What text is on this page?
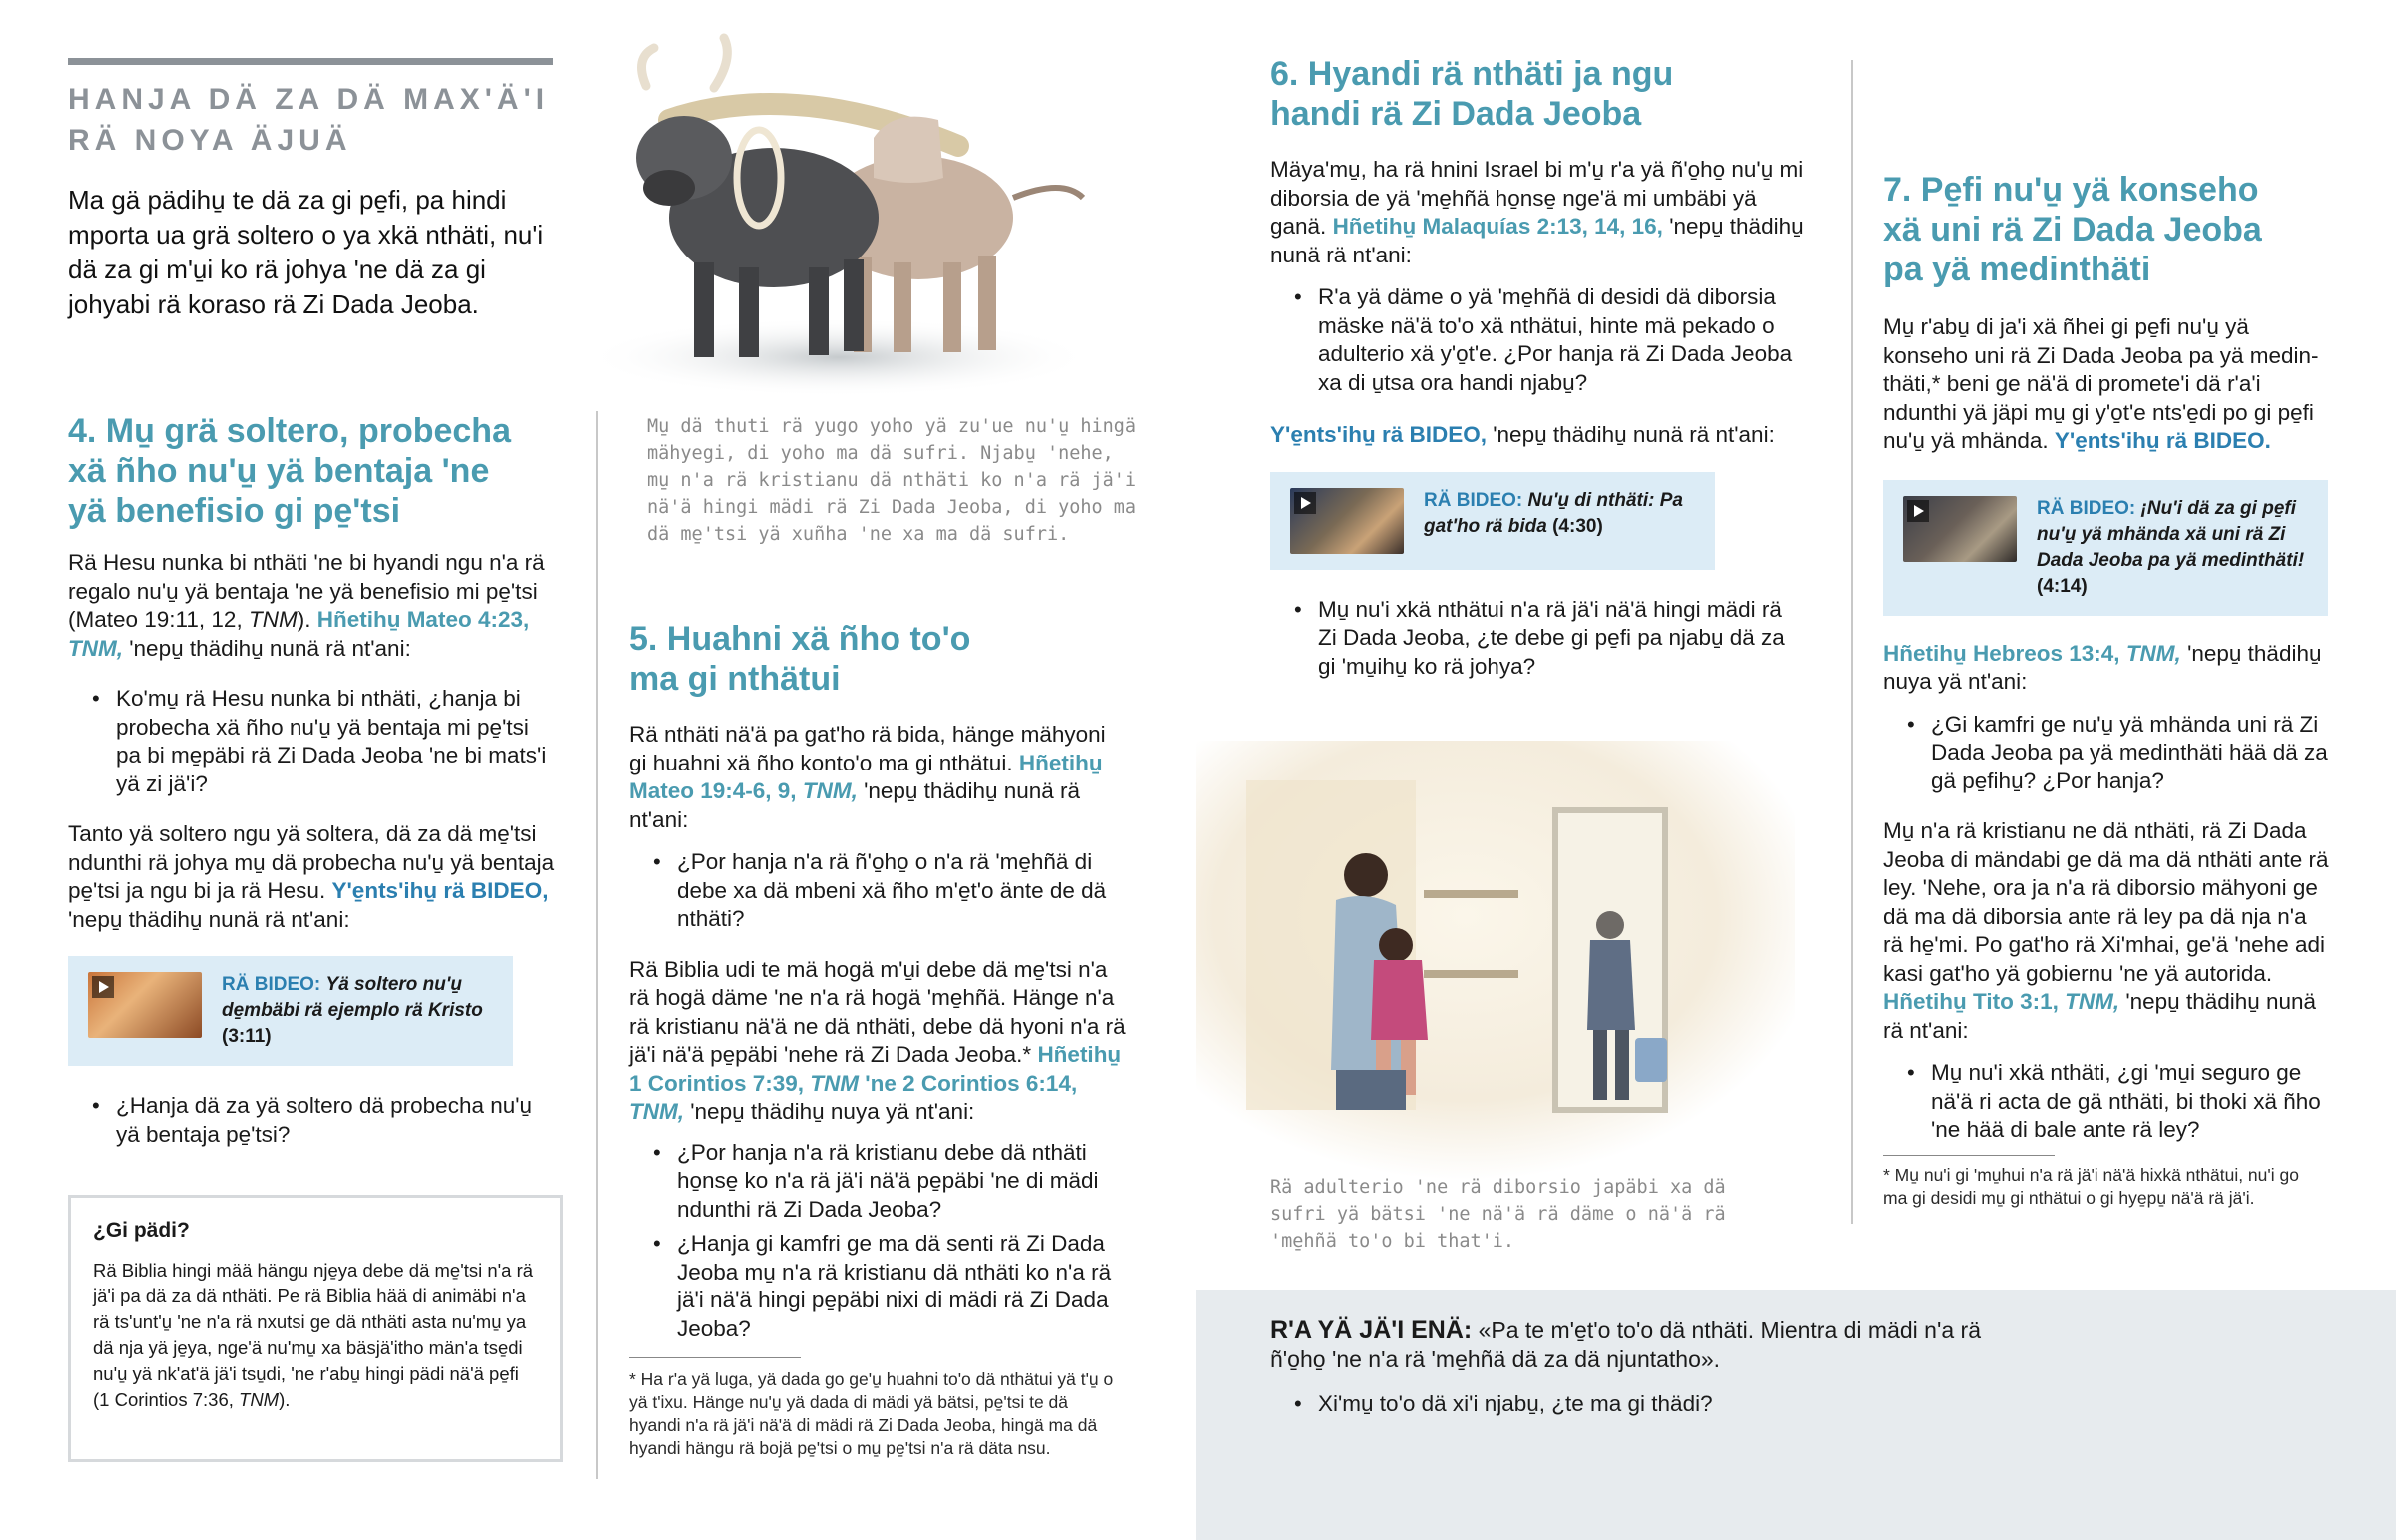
HANJA DÄ ZA DÄ MAX'Ä'I
RÄ NOYA ÄJUÄ

Ma gä pädihu̱ te dä za gi pe̱fi, pa hindi mporta ua grä soltero o ya xkä nthäti, nu'i dä za gi m'u̱i ko rä johya 'ne dä za gi johyabi rä koraso rä Zi Dada Jeoba.

4. Mu̱ grä soltero, probecha
xä ñho nu'u̱ yä bentaja 'ne
yä benefisio gi pe̱'tsi

Rä Hesu nunka bi nthäti 'ne bi hyandi ngu n'a rä regalo nu'u̱ yä bentaja 'ne yä benefisio mi pe̱'tsi (Mateo 19:11, 12, TNM). Hñetihu̱ Mateo 4:23, TNM, 'nepu̱ thädihu̱ nunä rä nt'ani:

• Ko'mu̱ rä Hesu nunka bi nthäti, ¿hanja bi probecha xä ñho nu'u̱ yä bentaja mi pe̱'tsi pa bi me̱päbi rä Zi Dada Jeoba 'ne bi mats'i yä zi jä'i?

Tanto yä soltero ngu yä soltera, dä za dä me̱'tsi ndunthi rä johya mu̱ dä probecha nu'u̱ yä bentaja pe̱'tsi ja ngu bi ja rä Hesu. Y'e̱nts'ihu̱ rä BIDEO, 'nepu̱ thädihu̱ nunä rä nt'ani:

RÄ BIDEO: Yä soltero nu'u̱ de̱mbäbi rä ejemplo rä Kristo (3:11)
• ¿Hanja dä za yä soltero dä probecha nu'u̱ yä bentaja pe̱'tsi?
¿Gi pädi?

Rä Biblia hingi mää hängu nje̱ya debe dä me̱'tsi n'a rä jä'i pa dä za dä nthäti. Pe rä Biblia hää di animäbi n'a rä ts'unt'u̱ 'ne n'a rä nxutsi ge dä nthäti asta nu'mu̱ ya dä nja yä je̱ya, nge'ä nu'mu̱ xa bäsjä'itho män'a tse̱di nu'u̱ yä nk'at'ä jä'i tsu̱di, 'ne r'abu̱ hingi pädi nä'ä pe̱fi (1 Corintios 7:36, TNM).

Mu̱ dä thuti rä yugo yoho yä zu'ue nu'u̱ hingä mähyegi, di yoho ma dä sufri. Njabu̱ 'nehe, mu̱ n'a rä kristianu dä nthäti ko n'a rä jä'i nä'ä hingi mädi rä Zi Dada Jeoba, di yoho ma dä me̱'tsi yä xuñha 'ne xa ma dä sufri.

5. Huahni xä ñho to'o
ma gi nthätui

Rä nthäti nä'ä pa gat'ho rä bida, hänge mähyoni gi huahni xä ñho konto'o ma gi nthätui. Hñetihu̱ Mateo 19:4-6, 9, TNM, 'nepu̱ thädihu̱ nunä rä nt'ani:

• ¿Por hanja n'a rä ñ'o̱ho̱ o n'a rä 'me̱hñä di debe xa dä mbeni xä ñho m'e̱t'o änte de dä nthäti?

Rä Biblia udi te mä hogä m'u̱i debe dä me̱'tsi n'a rä hogä däme 'ne n'a rä hogä 'me̱hñä. Hänge n'a rä kristianu nä'ä ne dä nthäti, debe dä hyoni n'a rä jä'i nä'ä pe̱päbi 'nehe rä Zi Dada Jeoba.* Hñetihu̱ 1 Corintios 7:39, TNM 'ne 2 Corintios 6:14, TNM, 'nepu̱ thädihu̱ nuya yä nt'ani:

• ¿Por hanja n'a rä kristianu debe dä nthäti ho̱nse̱ ko n'a rä jä'i nä'ä pe̱päbi 'ne di mädi ndunthi rä Zi Dada Jeoba?
• ¿Hanja gi kamfri ge ma dä senti rä Zi Dada Jeoba mu̱ n'a rä kristianu dä nthäti ko n'a rä jä'i nä'ä hingi pe̱päbi nixi di mädi rä Zi Dada Jeoba?

* Ha r'a yä luga, yä dada go ge'u̱ huahni to'o dä nthätui yä t'u̱ o yä t'ixu. Hänge nu'u̱ yä dada di mädi yä bätsi, pe̱'tsi te dä hyandi n'a rä jä'i nä'ä di mädi rä Zi Dada Jeoba, hingä ma dä hyandi hängu rä bojä pe̱'tsi o mu̱ pe̱'tsi n'a rä däta nsu.

6. Hyandi rä nthäti ja ngu
handi rä Zi Dada Jeoba

Mäya'mu̱, ha rä hnini Israel bi m'u̱ r'a yä ñ'o̱ho̱ nu'u̱ mi diborsia de yä 'me̱hñä ho̱nse̱ nge'ä mi umbäbi yä ganä. Hñetihu̱ Malaquías 2:13, 14, 16, 'nepu̱ thädihu̱ nunä rä nt'ani:

• R'a yä däme o yä 'me̱hñä di desidi dä diborsia mäske nä'ä to'o xä nthätui, hinte mä pekado o adulterio xä y'o̱t'e. ¿Por hanja rä Zi Dada Jeoba xa di u̱tsa ora handi njabu̱?

Y'e̱nts'ihu̱ rä BIDEO, 'nepu̱ thädihu̱ nunä rä nt'ani:

RÄ BIDEO: Nu'u̱ di nthäti: Pa gat'ho rä bida (4:30)
• Mu̱ nu'i xkä nthätui n'a rä jä'i nä'ä hingi mädi rä Zi Dada Jeoba, ¿te debe gi pe̱fi pa njabu̱ dä za gi 'mu̱ihu̱ ko rä johya?

Rä adulterio 'ne rä diborsio japäbi xa dä sufri yä bätsi 'ne nä'ä rä däme o nä'ä rä 'me̱hñä to'o bi that'i.

7. Pe̱fi nu'u̱ yä konseho
xä uni rä Zi Dada Jeoba
pa yä medinthäti

Mu̱ r'abu̱ di ja'i xä ñhei gi pe̱fi nu'u̱ yä konseho uni rä Zi Dada Jeoba pa yä medinthäti,* beni ge nä'ä di promete'i dä r'a'i ndunthi yä jäpi mu̱ gi y'o̱t'e nts'e̱di po gi pe̱fi nu'u̱ yä mhända. Y'e̱nts'ihu̱ rä BIDEO.

RÄ BIDEO: ¡Nu'i dä za gi pe̱fi nu'u̱ yä mhända xä uni rä Zi Dada Jeoba pa yä medinthäti! (4:14)

Hñetihu̱ Hebreos 13:4, TNM, 'nepu̱ thädihu̱ nuya yä nt'ani:

• ¿Gi kamfri ge nu'u̱ yä mhända uni rä Zi Dada Jeoba pa yä medinthäti hää dä za gä pe̱fihu̱? ¿Por hanja?

Mu̱ n'a rä kristianu ne dä nthäti, rä Zi Dada Jeoba di mändabi ge dä ma dä nthäti ante rä ley. 'Nehe, ora ja n'a rä diborsio mähyoni ge dä ma dä diborsia ante rä ley pa dä nja n'a rä he̱'mi. Po gat'ho rä Xi'mhai, ge'ä 'nehe adi kasi gat'ho yä gobiernu 'ne yä autorida. Hñetihu̱ Tito 3:1, TNM, 'nepu̱ thädihu̱ nunä rä nt'ani:

• Mu̱ nu'i xkä nthäti, ¿gi 'mu̱i seguro ge nä'ä ri acta de gä nthäti, bi thoki xä ñho 'ne hää di bale ante rä ley?

* Mu̱ nu'i gi 'mu̱hui n'a rä jä'i nä'ä hixkä nthätui, nu'i go ma gi desidi mu̱ gi nthätui o gi hye̱pu̱ nä'ä rä jä'i.

R'A YÄ JÄ'I ENÄ: «Pa te m'e̱t'o to'o dä nthäti. Mientra di mädi n'a rä ñ'o̱ho̱ 'ne n'a rä 'me̱hñä dä za dä njuntatho».

• Xi'mu̱ to'o dä xi'i njabu̱, ¿te ma gi thädi?
